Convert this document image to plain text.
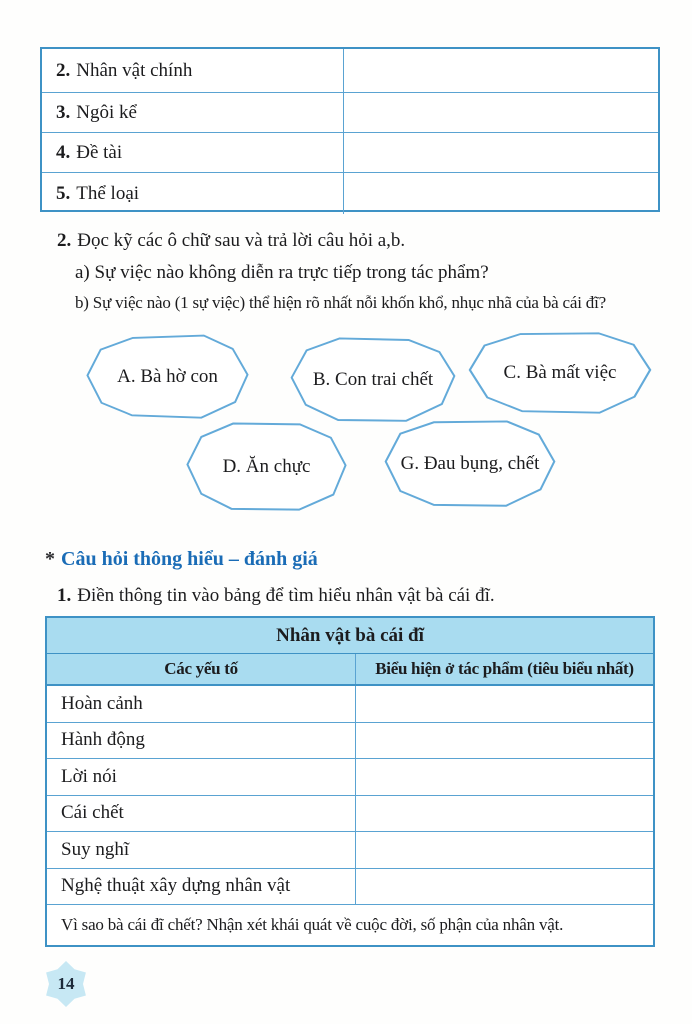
2. Nhân vật chính
3. Ngôi kể
4. Đề tài
5. Thể loại
2. Đọc kỹ các ô chữ sau và trả lời câu hỏi a,b.
a) Sự việc nào không diễn ra trực tiếp trong tác phẩm?
b) Sự việc nào (1 sự việc) thể hiện rõ nhất nỗi khốn khổ, nhục nhã của bà cái đĩ?
A. Bà hờ con	B. Con trai chết	C. Bà mất việc
D. Ăn chực	G. Đau bụng, chết
* Câu hỏi thông hiểu – đánh giá
1. Điền thông tin vào bảng để tìm hiểu nhân vật bà cái đĩ.
Nhân vật bà cái đĩ
Các yếu tố	Biểu hiện ở tác phẩm (tiêu biểu nhất)
Hoàn cảnh
Hành động
Lời nói
Cái chết
Suy nghĩ
Nghệ thuật xây dựng nhân vật
Vì sao bà cái đĩ chết? Nhận xét khái quát về cuộc đời, số phận của nhân vật.
14
